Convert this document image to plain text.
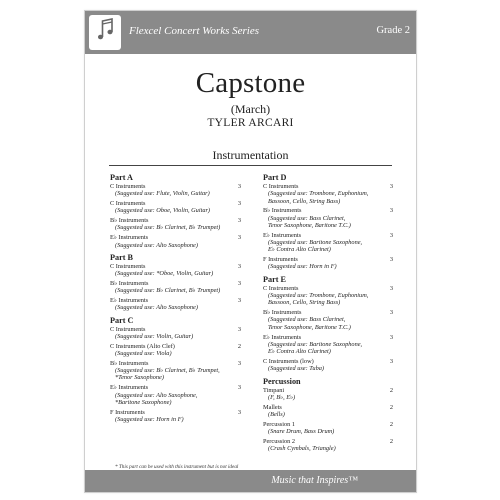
Flexcel Concert Works Series	Grade 2
Capstone
(March)
TYLER ARCARI
Instrumentation
Part A
C Instruments
(Suggested use: Flute, Violin, Guitar)
3
C Instruments
(Suggested use: Oboe, Violin, Guitar)
3
B♭ Instruments
(Suggested use: B♭ Clarinet, B♭ Trumpet)
3
E♭ Instruments
(Suggested use: Alto Saxophone)
3
Part B
C Instruments
(Suggested use: *Oboe, Violin, Guitar)
3
B♭ Instruments
(Suggested use: B♭ Clarinet, B♭ Trumpet)
3
E♭ Instruments
(Suggested use: Alto Saxophone)
3
Part C
C Instruments
(Suggested use: Violin, Guitar)
3
C Instruments (Alto Clef)
(Suggested use: Viola)
2
B♭ Instruments
(Suggested use: B♭ Clarinet, B♭ Trumpet,
*Tenor Saxophone)
3
E♭ Instruments
(Suggested use: Alto Saxophone,
*Baritone Saxophone)
3
F Instruments
(Suggested use: Horn in F)
3
Part D
C Instruments
(Suggested use: Trombone, Euphonium,
Bassoon, Cello, String Bass)
3
B♭ Instruments
(Suggested use: Bass Clarinet,
Tenor Saxophone, Baritone T.C.)
3
E♭ Instruments
(Suggested use: Baritone Saxophone,
E♭ Contra Alto Clarinet)
3
F Instruments
(Suggested use: Horn in F)
3
Part E
C Instruments
(Suggested use: Trombone, Euphonium,
Bassoon, Cello, String Bass)
3
B♭ Instruments
(Suggested use: Bass Clarinet,
Tenor Saxophone, Baritone T.C.)
3
E♭ Instruments
(Suggested use: Baritone Saxophone,
E♭ Contra Alto Clarinet)
3
C Instruments (low)
(Suggested use: Tuba)
3
Percussion
Timpani
(F, B♭, E♭)
2
Mallets
(Bells)
2
Percussion 1
(Snare Drum, Bass Drum)
2
Percussion 2
(Crash Cymbals, Triangle)
2
* This part can be used with this instrument but is not ideal
Music that Inspires™
